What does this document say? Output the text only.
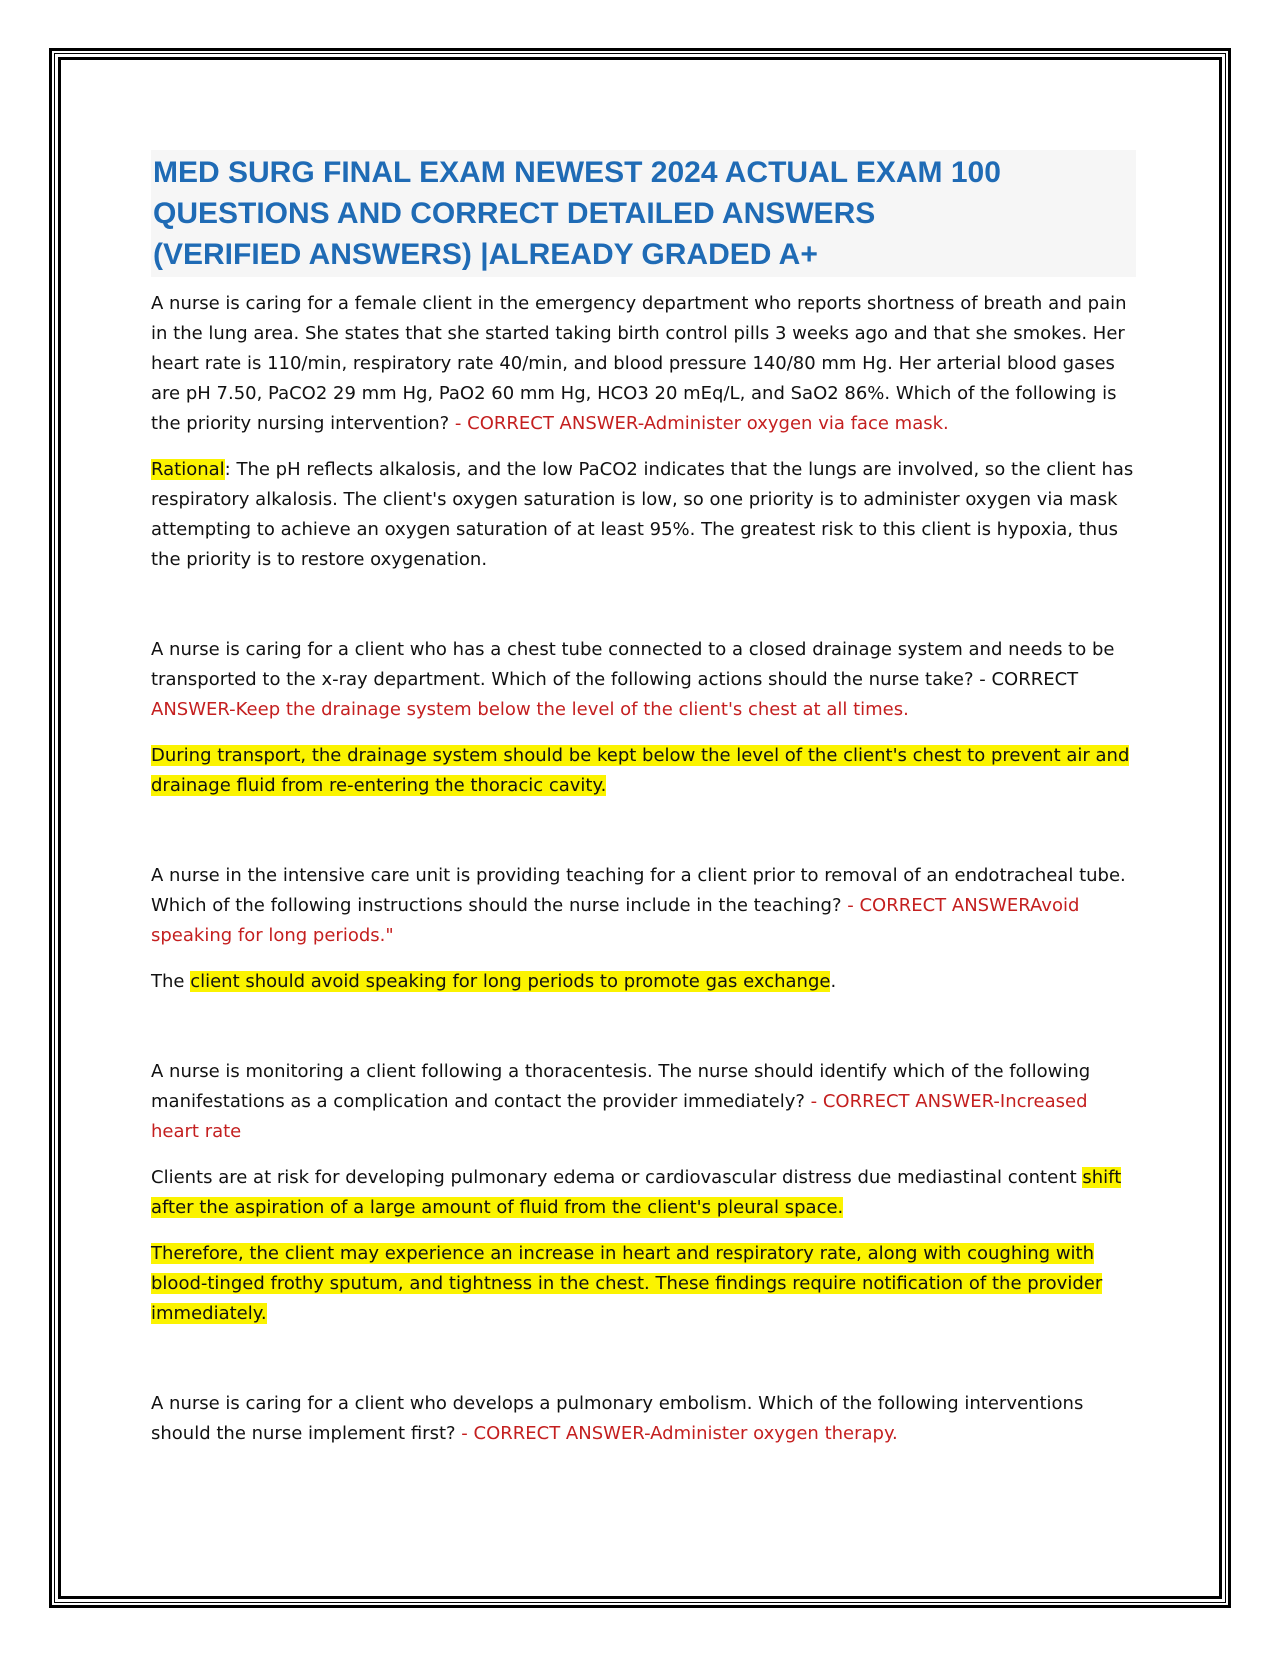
MED SURG FINAL EXAM NEWEST 2024 ACTUAL EXAM 100
QUESTIONS AND CORRECT DETAILED ANSWERS
(VERIFIED ANSWERS) |ALREADY GRADED A+

A nurse is caring for a female client in the emergency department who reports shortness of breath and pain in the lung area. She states that she started taking birth control pills 3 weeks ago and that she smokes. Her heart rate is 110/min, respiratory rate 40/min, and blood pressure 140/80 mm Hg. Her arterial blood gases are pH 7.50, PaCO2 29 mm Hg, PaO2 60 mm Hg, HCO3 20 mEq/L, and SaO2 86%. Which of the following is the priority nursing intervention? - CORRECT ANSWER-Administer oxygen via face mask.

Rational: The pH reflects alkalosis, and the low PaCO2 indicates that the lungs are involved, so the client has respiratory alkalosis. The client's oxygen saturation is low, so one priority is to administer oxygen via mask attempting to achieve an oxygen saturation of at least 95%. The greatest risk to this client is hypoxia, thus the priority is to restore oxygenation.

A nurse is caring for a client who has a chest tube connected to a closed drainage system and needs to be transported to the x-ray department. Which of the following actions should the nurse take? - CORRECT ANSWER-Keep the drainage system below the level of the client's chest at all times.

During transport, the drainage system should be kept below the level of the client's chest to prevent air and drainage fluid from re-entering the thoracic cavity.

A nurse in the intensive care unit is providing teaching for a client prior to removal of an endotracheal tube. Which of the following instructions should the nurse include in the teaching? - CORRECT ANSWERAvoid speaking for long periods."

The client should avoid speaking for long periods to promote gas exchange.

A nurse is monitoring a client following a thoracentesis. The nurse should identify which of the following manifestations as a complication and contact the provider immediately? - CORRECT ANSWER-Increased heart rate

Clients are at risk for developing pulmonary edema or cardiovascular distress due mediastinal content shift after the aspiration of a large amount of fluid from the client's pleural space.

Therefore, the client may experience an increase in heart and respiratory rate, along with coughing with blood-tinged frothy sputum, and tightness in the chest. These findings require notification of the provider immediately.

A nurse is caring for a client who develops a pulmonary embolism. Which of the following interventions should the nurse implement first? - CORRECT ANSWER-Administer oxygen therapy.
